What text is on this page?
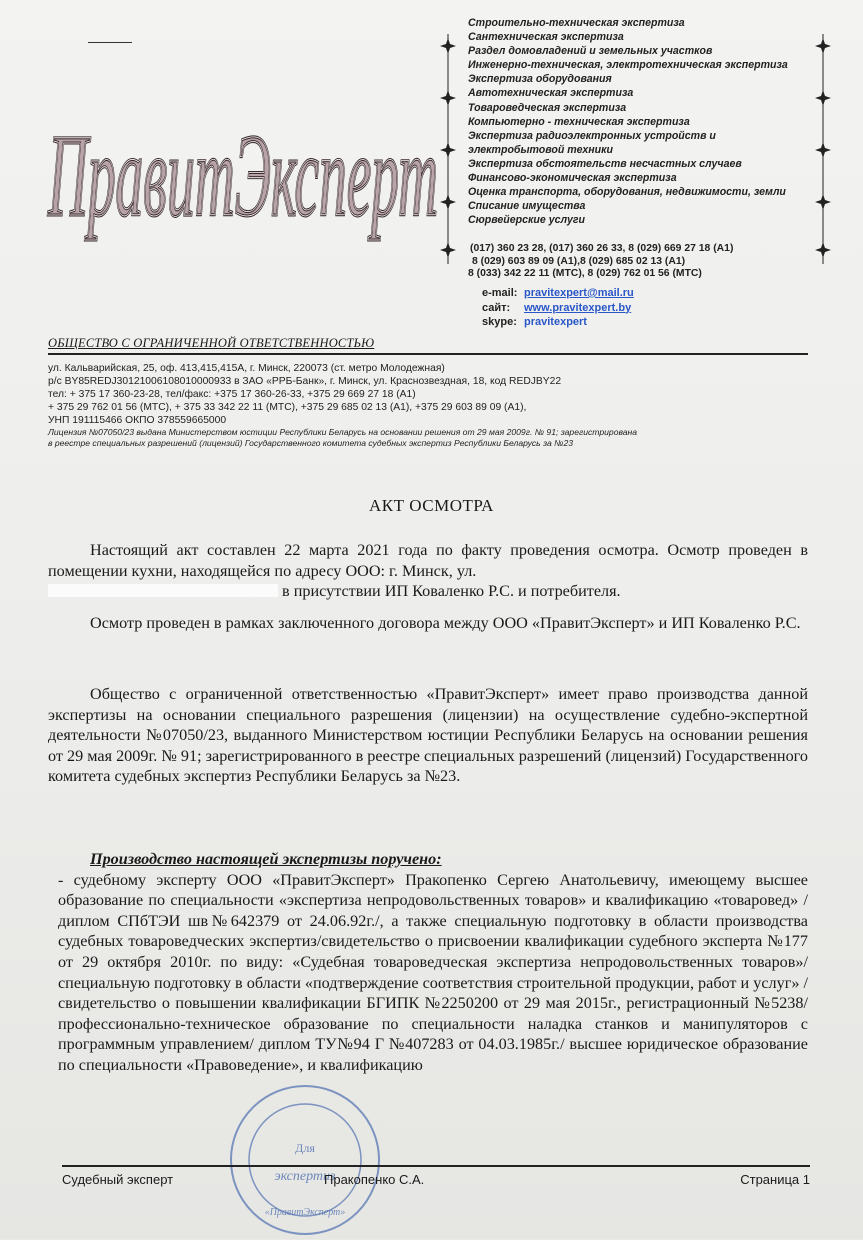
ПравитЭксперт
ПравитЭксперт
Строительно-техническая экспертиза
Сантехническая экспертиза
Раздел домовладений и земельных участков
Инженерно-техническая, электротехническая экспертиза
Экспертиза оборудования
Автотехническая экспертиза
Товароведческая экспертиза
Компьютерно - техническая экспертиза
Экспертиза радиоэлектронных устройств и
электробытовой техники
Экспертиза обстоятельств несчастных случаев
Финансово-экономическая экспертиза
Оценка транспорта, оборудования, недвижимости, земли
Списание имущества
Сюрвейерские услуги
(017) 360 23 28, (017) 360 26 33, 8 (029) 669 27 18 (А1)
8 (029) 603 89 09 (А1),8 (029) 685 02 13 (А1)
8 (033) 342 22 11 (МТС), 8 (029) 762 01 56 (МТС)
e-mail: pravitexpert@mail.ru
сайт: www.pravitexpert.by
skype: pravitexpert
ОБЩЕСТВО С ОГРАНИЧЕННОЙ ОТВЕТСТВЕННОСТЬЮ
ул. Кальварийская, 25, оф. 413,415,415А, г. Минск, 220073 (ст. метро Молодежная)
р/с BY85REDJ30121006108010000933 в ЗАО «РРБ-Банк», г. Минск, ул. Краснозвездная, 18, код REDJBY22
тел: + 375 17 360-23-28, тел/факс: +375 17 360-26-33, +375 29 669 27 18 (А1)
+ 375 29 762 01 56 (МТС), + 375 33 342 22 11 (МТС), +375 29 685 02 13 (А1), +375 29 603 89 09 (А1),
УНП 191115466 ОКПО 378559665000
Лицензия №07050/23 выдана Министерством юстиции Республики Беларусь на основании решения от 29 мая 2009г. № 91; зарегистрирована
в реестре специальных разрешений (лицензий) Государственного комитета судебных экспертиз Республики Беларусь за №23
АКТ ОСМОТРА

Настоящий акт составлен 22 марта 2021 года по факту проведения осмотра. Осмотр проведен в помещении кухни, находящейся по адресу ООО: г. Минск, ул.
в присутствии ИП Коваленко Р.С. и потребителя.

Осмотр проведен в рамках заключенного договора между ООО «ПравитЭксперт» и ИП Коваленко Р.С.

Общество с ограниченной ответственностью «ПравитЭксперт» имеет право производства данной экспертизы на основании специального разрешения (лицензии) на осуществление судебно-экспертной деятельности №07050/23, выданного Министерством юстиции Республики Беларусь на основании решения от 29 мая 2009г. № 91; зарегистрированного в реестре специальных разрешений (лицензий) Государственного комитета судебных экспертиз Республики Беларусь за №23.

Производство настоящей экспертизы поручено:

- судебному эксперту ООО «ПравитЭксперт» Пракопенко Сергею Анатольевичу, имеющему высшее образование по специальности «экспертиза непродовольственных товаров» и квалификацию «товаровед» /диплом СПбТЭИ шв№642379 от 24.06.92г./, а также специальную подготовку в области производства судебных товароведческих экспертиз/свидетельство о присвоении квалификации судебного эксперта №177 от 29 октября 2010г. по виду: «Судебная товароведческая экспертиза непродовольственных товаров»/ специальную подготовку в области «подтверждение соответствия строительной продукции, работ и услуг» /свидетельство о повышении квалификации БГИПК №2250200 от 29 мая 2015г., регистрационный №5238/ профессионально-техническое образование по специальности наладка станков и манипуляторов с программным управлением/ диплом ТУ№94 Г №407283 от 04.03.1985г./ высшее юридическое образование по специальности «Правоведение», и квалификацию

Для
экспертиз
«ПравитЭксперт»
Судебный эксперт	Пракопенко С.А.	Страница 1
